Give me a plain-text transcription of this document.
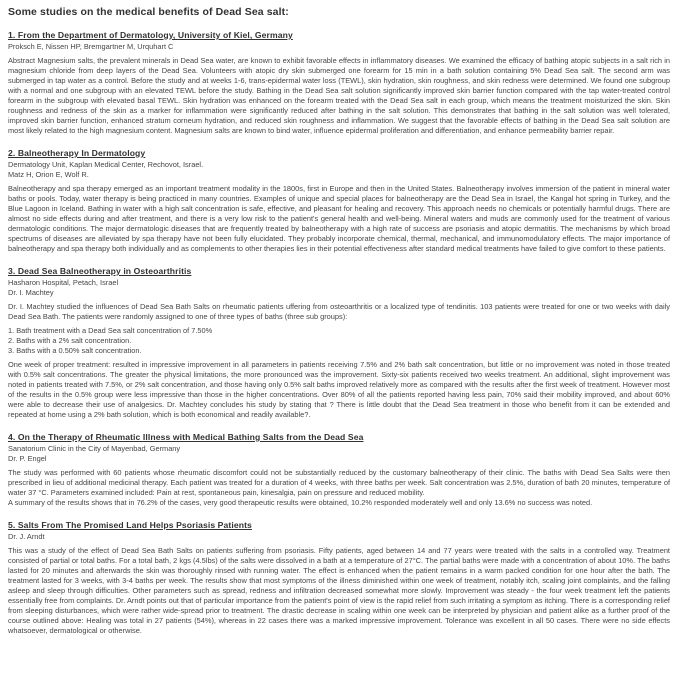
Some studies on the medical benefits of Dead Sea salt:
1. From the Department of Dermatology, University of Kiel, Germany

Proksch E, Nissen HP, Bremgartner M, Urquhart C

Abstract Magnesium salts, the prevalent minerals in Dead Sea water, are known to exhibit favorable effects in inflammatory diseases. We examined the efficacy of bathing atopic subjects in a salt rich in magnesium chloride from deep layers of the Dead Sea. Volunteers with atopic dry skin submerged one forearm for 15 min in a bath solution containing 5% Dead Sea salt. The second arm was submerged in tap water as a control. Before the study and at weeks 1-6, trans-epidermal water loss (TEWL), skin hydration, skin roughness, and skin redness were determined. We found one subgroup with a normal and one subgroup with an elevated TEWL before the study. Bathing in the Dead Sea salt solution significantly improved skin barrier function compared with the tap water-treated control forearm in the subgroup with elevated basal TEWL. Skin hydration was enhanced on the forearm treated with the Dead Sea salt in each group, which means the treatment moisturized the skin. Skin roughness and redness of the skin as a marker for inflammation were significantly reduced after bathing in the salt solution. This demonstrates that bathing in the salt solution was well tolerated, improved skin barrier function, enhanced stratum corneum hydration, and reduced skin roughness and inflammation. We suggest that the favorable effects of bathing in the Dead Sea salt solution are most likely related to the high magnesium content. Magnesium salts are known to bind water, influence epidermal proliferation and differentiation, and enhance permeability barrier repair.

2. Balneotherapy In Dermatology

Dermatology Unit, Kaplan Medical Center, Rechovot, Israel.

Matz H, Orion E, Wolf R.

Balneotherapy and spa therapy emerged as an important treatment modality in the 1800s, first in Europe and then in the United States. Balneotherapy involves immersion of the patient in mineral water baths or pools. Today, water therapy is being practiced in many countries. Examples of unique and special places for balneotherapy are the Dead Sea in Israel, the Kangal hot spring in Turkey, and the Blue Lagoon in Iceland. Bathing in water with a high salt concentration is safe, effective, and pleasant for healing and recovery. This approach needs no chemicals or potentially harmful drugs. There are almost no side effects during and after treatment, and there is a very low risk to the patient's general health and well-being. Mineral waters and muds are commonly used for the treatment of various dermatologic conditions. The major dermatologic diseases that are frequently treated by balneotherapy with a high rate of success are psoriasis and atopic dermatitis. The mechanisms by which broad spectrums of diseases are alleviated by spa therapy have not been fully elucidated. They probably incorporate chemical, thermal, mechanical, and immunomodulatory effects. The major importance of balneotherapy and spa therapy both individually and as complements to other therapies lies in their potential effectiveness after standard medical treatments have failed to give comfort to these patients.

3. Dead Sea Balneotherapy in Osteoarthritis

Hasharon Hospital, Petach, Israel

Dr. I. Machtey

Dr. I. Machtey studied the influences of Dead Sea Bath Salts on rheumatic patients uffering from osteoarthritis or a localized type of tendinitis. 103 patients were treated for one or two weeks with daily Dead Sea Bath. The patients were randomly assigned to one of three types of baths (three sub groups):

1. Bath treatment with a Dead Sea salt concentration of 7.50%

2. Baths with a 2% salt concentration.

3. Baths with a 0.50% salt concentration.

One week of proper treatment: resulted in impressive improvement in all parameters in patients receiving 7.5% and 2% bath salt concentration, but little or no improvement was noted in those treated with 0.5% salt concentrations. The greater the physical limitations, the more pronounced was the improvement. Sixty-six patients received two weeks treatment. An additional, slight improvement was noted in patients treated with 7.5%, or 2% salt concentration, and those having only 0.5% salt baths improved relatively more as compared with the results after the first week of treatment. However most of the results in the 0.5% group were less impressive than those in the higher concentrations. Over 80% of all the patients reported having less pain, 70% said their mobility improved, and about 60% were able to decrease their use of analgesics. Dr. Machtey concludes his study by stating that ? There is little doubt that the Dead Sea treatment in those who benefit from it can be extended and repeated at home using a 2% bath solution, which is both economical and readily available?.

4. On the Therapy of Rheumatic Illness with Medical Bathing Salts from the Dead Sea

Sanatorium Clinic in the City of Mayenbad, Germany

Dr. P. Engel

The study was performed with 60 patients whose rheumatic discomfort could not be substantially reduced by the customary balneotherapy of their clinic. The baths with Dead Sea Salts were then prescribed in lieu of additional medicinal therapy. Each patient was treated for a duration of 4 weeks, with three baths per week. Salt concentration was 2.5%, duration of bath 20 minutes, temperature of water 37 °C. Parameters examined included: Pain at rest, spontaneous pain, kinesalgia, pain on pressure and reduced mobility.

A summary of the results shows that in 76.2% of the cases, very good therapeutic results were obtained, 10.2% responded moderately well and only 13.6% no success was noted.

5. Salts From The Promised Land Helps Psoriasis Patients

Dr. J. Arndt

This was a study of the effect of Dead Sea Bath Salts on patients suffering from psoriasis. Fifty patients, aged between 14 and 77 years were treated with the salts in a controlled way. Treatment consisted of partial or total baths. For a total bath, 2 kgs (4.5lbs) of the salts were dissolved in a bath at a temperature of 27°C. The partial baths were made with a concentration of about 10%. The baths lasted for 20 minutes and afterwards the skin was thoroughly rinsed with running water. The effect is enhanced when the patient remains in a warm packed condition for one hour after the bath. The treatment lasted for 3 weeks, with 3-4 baths per week. The results show that most symptoms of the illness diminished within one week of treatment, notably itch, scaling joint complaints, and the falling asleep and sleep through difficulties. Other parameters such as spread, redness and infiltration decreased somewhat more slowly. Improvement was steady - the four week treatment left the patients essentially free from complaints. Dr. Arndt points out that of particular importance from the patient's point of view is the rapid relief from such irritating a symptom as itching. There is a corresponding relief from sleeping disturbances, which were rather wide-spread prior to treatment. The drastic decrease in scaling within one week can be interpreted by physician and patient alike as a further proof of the course outlined above: Healing was total in 27 patients (54%), whereas in 22 cases there was a marked impressive improvement. Tolerance was excellent in all 50 cases. There were no side effects whatsoever, dermatological or otherwise.
